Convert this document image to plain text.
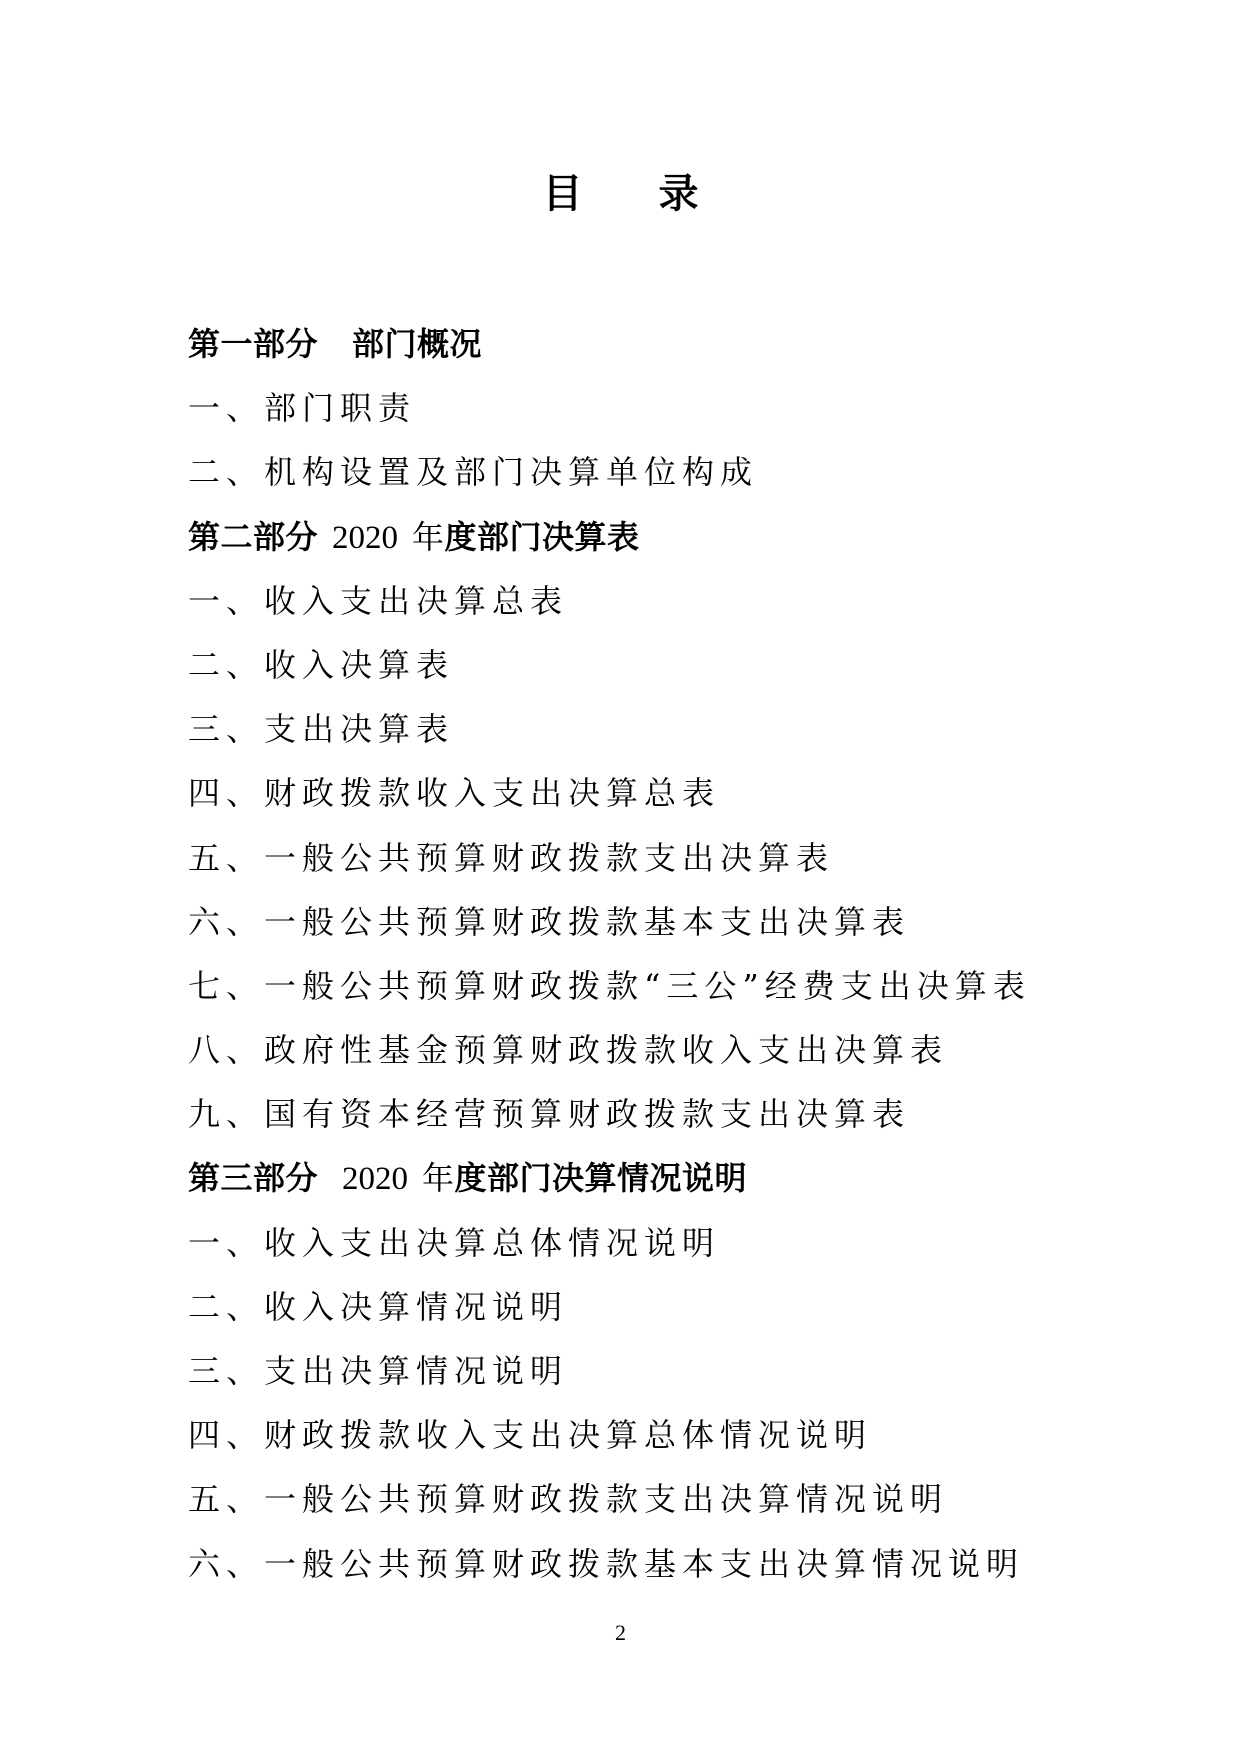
目 录
第一部分 部门概况
一、部门职责
二、机构设置及部门决算单位构成
第二部分 2020 年度部门决算表
一、收入支出决算总表
二、收入决算表
三、支出决算表
四、财政拨款收入支出决算总表
五、一般公共预算财政拨款支出决算表
六、一般公共预算财政拨款基本支出决算表
七、一般公共预算财政拨款“三公”经费支出决算表
八、政府性基金预算财政拨款收入支出决算表
九、国有资本经营预算财政拨款支出决算表
第三部分 2020 年度部门决算情况说明
一、收入支出决算总体情况说明
二、收入决算情况说明
三、支出决算情况说明
四、财政拨款收入支出决算总体情况说明
五、一般公共预算财政拨款支出决算情况说明
六、一般公共预算财政拨款基本支出决算情况说明
2
